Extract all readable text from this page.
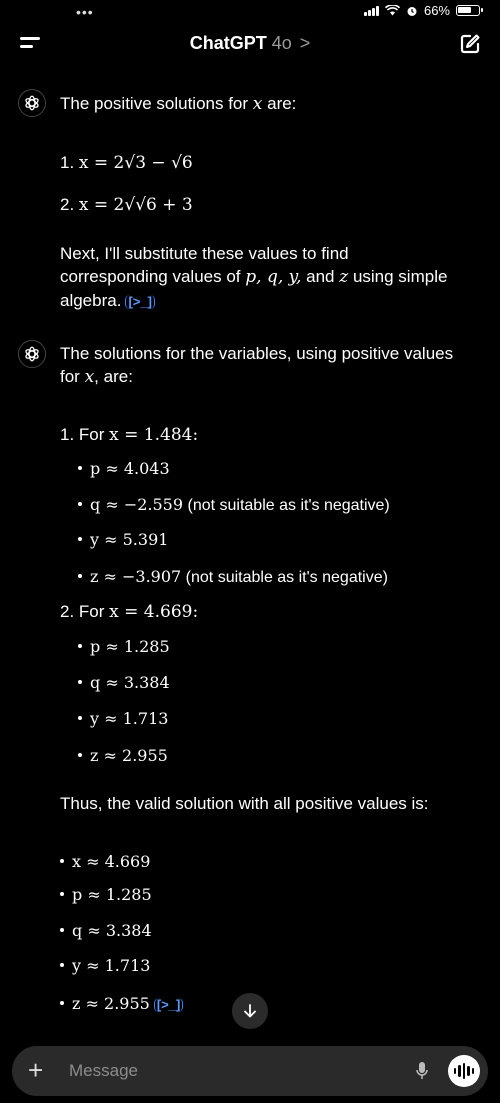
•••	66%
ChatGPT 4o >
The positive solutions for x are:
1. x = 2√3 − √6
2. x = 2√√6 + 3
Next, I'll substitute these values to find
corresponding values of p, q, y, and z using simple
algebra. [>_]
The solutions for the variables, using positive values
for x, are:
1. For x = 1.484:
p ≈ 4.043
q ≈ −2.559 (not suitable as it's negative)
y ≈ 5.391
z ≈ −3.907 (not suitable as it's negative)
2. For x = 4.669:
p ≈ 1.285
q ≈ 3.384
y ≈ 1.713
z ≈ 2.955
Thus, the valid solution with all positive values is:
x ≈ 4.669
p ≈ 1.285
q ≈ 3.384
y ≈ 1.713
z ≈ 2.955 [>_]
+ Message
